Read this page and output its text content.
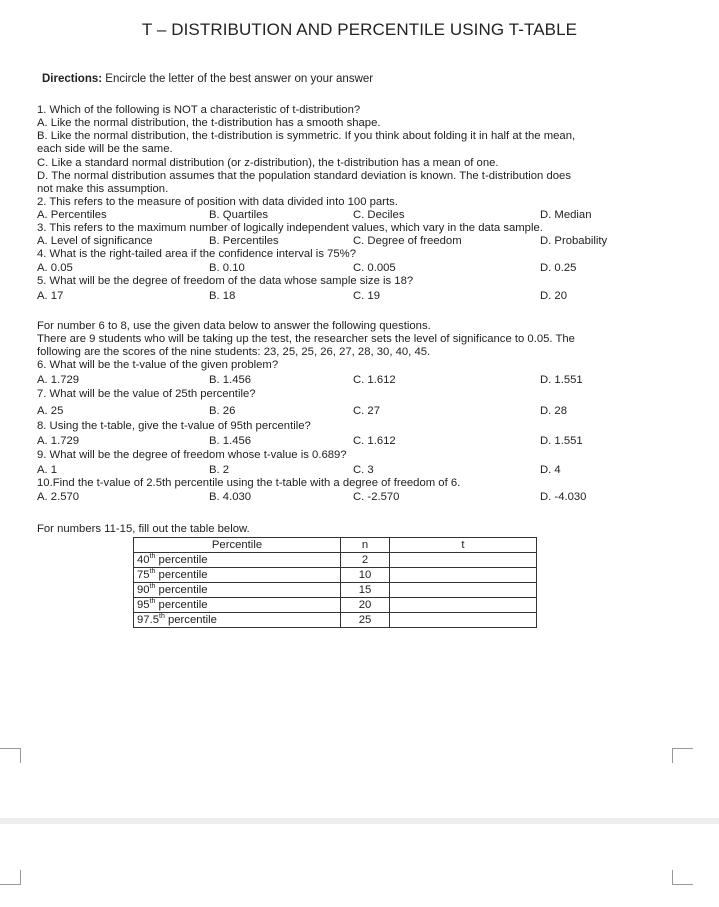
T – DISTRIBUTION AND PERCENTILE USING T-TABLE
Directions: Encircle the letter of the best answer on your answer
1. Which of the following is NOT a characteristic of t-distribution?
A. Like the normal distribution, the t-distribution has a smooth shape.
B. Like the normal distribution, the t-distribution is symmetric. If you think about folding it in half at the mean,
each side will be the same.
C. Like a standard normal distribution (or z-distribution), the t-distribution has a mean of one.
D. The normal distribution assumes that the population standard deviation is known. The t-distribution does
not make this assumption.
2. This refers to the measure of position with data divided into 100 parts.
A. Percentiles	B. Quartiles	C. Deciles	D. Median
3. This refers to the maximum number of logically independent values, which vary in the data sample.
A. Level of significance	B. Percentiles	C. Degree of freedom	D. Probability
4. What is the right-tailed area if the confidence interval is 75%?
A. 0.05	B. 0.10	C. 0.005	D. 0.25
5. What will be the degree of freedom of the data whose sample size is 18?
A. 17	B. 18	C. 19	D. 20
For number 6 to 8, use the given data below to answer the following questions.
There are 9 students who will be taking up the test, the researcher sets the level of significance to 0.05. The
following are the scores of the nine students: 23, 25, 25, 26, 27, 28, 30, 40, 45.
6. What will be the t-value of the given problem?
A. 1.729	B. 1.456	C. 1.612	D. 1.551
7. What will be the value of 25th percentile?
A. 25	B. 26	C. 27	D. 28
8. Using the t-table, give the t-value of 95th percentile?
A. 1.729	B. 1.456	C. 1.612	D. 1.551
9. What will be the degree of freedom whose t-value is 0.689?
A. 1	B. 2	C. 3	D. 4
10.Find the t-value of 2.5th percentile using the t-table with a degree of freedom of 6.
A. 2.570	B. 4.030	C. -2.570	D. -4.030
For numbers 11-15, fill out the table below.
Percentile	n	t
40th percentile	2	
75th percentile	10	
90th percentile	15	
95th percentile	20	
97.5th percentile	25	
